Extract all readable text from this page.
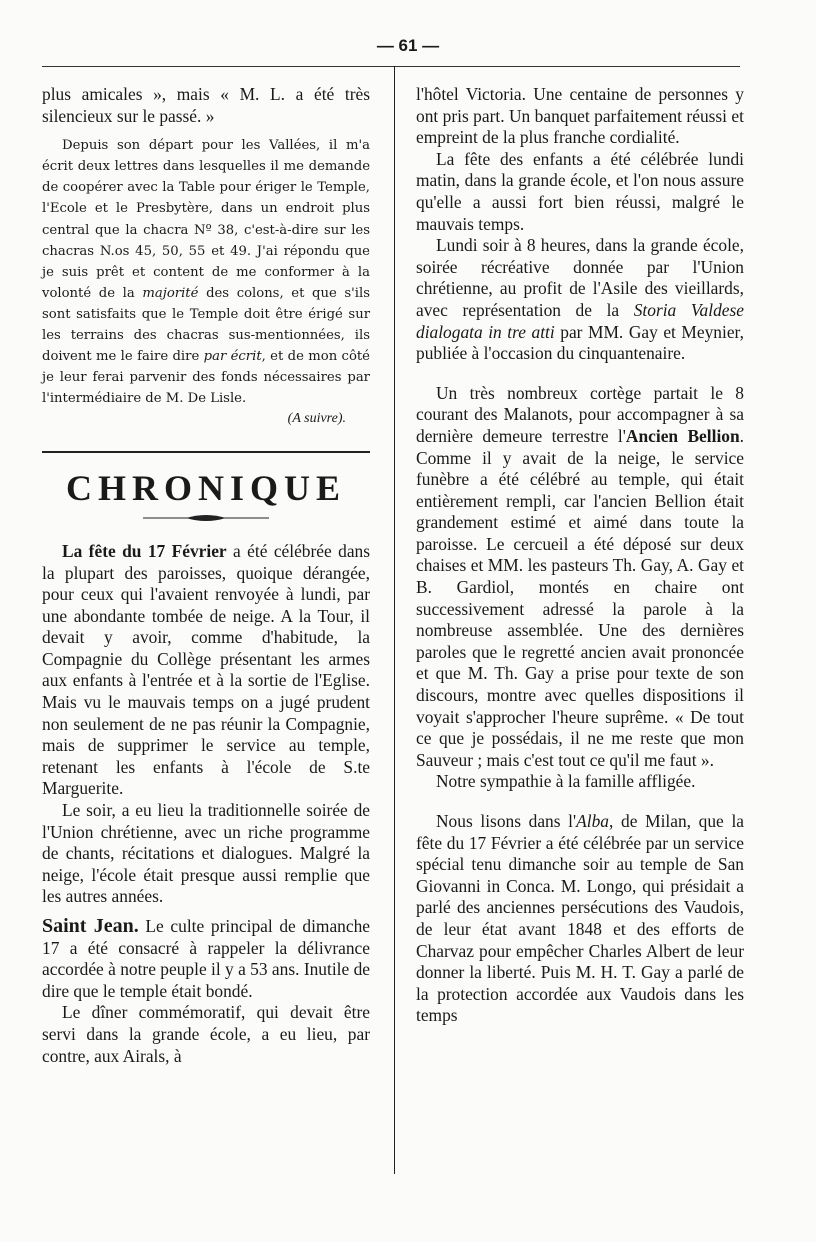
— 61 —

plus amicales », mais « M. L. a été très silencieux sur le passé. »

Depuis son départ pour les Vallées, il m'a écrit deux lettres dans lesquelles il me demande de coopérer avec la Table pour ériger le Temple, l'Ecole et le Presbytère, dans un endroit plus central que la chacra Nº 38, c'est-à-dire sur les chacras N.os 45, 50, 55 et 49. J'ai répondu que je suis prêt et content de me conformer à la volonté de la majorité des colons, et que s'ils sont satisfaits que le Temple doit être érigé sur les terrains des chacras sus-mentionnées, ils doivent me le faire dire par écrit, et de mon côté je leur ferai parvenir des fonds nécessaires par l'intermédiaire de M. De Lisle.

(A suivre).

CHRONIQUE

La fête du 17 Février a été célébrée dans la plupart des paroisses, quoique dérangée, pour ceux qui l'avaient renvoyée à lundi, par une abondante tombée de neige. A la Tour, il devait y avoir, comme d'habitude, la Compagnie du Collège présentant les armes aux enfants à l'entrée et à la sortie de l'Eglise. Mais vu le mauvais temps on a jugé prudent non seulement de ne pas réunir la Compagnie, mais de supprimer le service au temple, retenant les enfants à l'école de S.te Marguerite.

Le soir, a eu lieu la traditionnelle soirée de l'Union chrétienne, avec un riche programme de chants, récitations et dialogues. Malgré la neige, l'école était presque aussi remplie que les autres années.

Saint Jean. Le culte principal de dimanche 17 a été consacré à rappeler la délivrance accordée à notre peuple il y a 53 ans. Inutile de dire que le temple était bondé.

Le dîner commémoratif, qui devait être servi dans la grande école, a eu lieu, par contre, aux Airals, à

l'hôtel Victoria. Une centaine de personnes y ont pris part. Un banquet parfaitement réussi et empreint de la plus franche cordialité.

La fête des enfants a été célébrée lundi matin, dans la grande école, et l'on nous assure qu'elle a aussi fort bien réussi, malgré le mauvais temps.

Lundi soir à 8 heures, dans la grande école, soirée récréative donnée par l'Union chrétienne, au profit de l'Asile des vieillards, avec représentation de la Storia Valdese dialogata in tre atti par MM. Gay et Meynier, publiée à l'occasion du cinquantenaire.

Un très nombreux cortège partait le 8 courant des Malanots, pour accompagner à sa dernière demeure terrestre l'Ancien Bellion. Comme il y avait de la neige, le service funèbre a été célébré au temple, qui était entièrement rempli, car l'ancien Bellion était grandement estimé et aimé dans toute la paroisse. Le cercueil a été déposé sur deux chaises et MM. les pasteurs Th. Gay, A. Gay et B. Gardiol, montés en chaire ont successivement adressé la parole à la nombreuse assemblée. Une des dernières paroles que le regretté ancien avait prononcée et que M. Th. Gay a prise pour texte de son discours, montre avec quelles dispositions il voyait s'approcher l'heure suprême. « De tout ce que je possédais, il ne me reste que mon Sauveur ; mais c'est tout ce qu'il me faut ».

Notre sympathie à la famille affligée.

Nous lisons dans l'Alba, de Milan, que la fête du 17 Février a été célébrée par un service spécial tenu dimanche soir au temple de San Giovanni in Conca. M. Longo, qui présidait a parlé des anciennes persécutions des Vaudois, de leur état avant 1848 et des efforts de Charvaz pour empêcher Charles Albert de leur donner la liberté. Puis M. H. T. Gay a parlé de la protection accordée aux Vaudois dans les temps
